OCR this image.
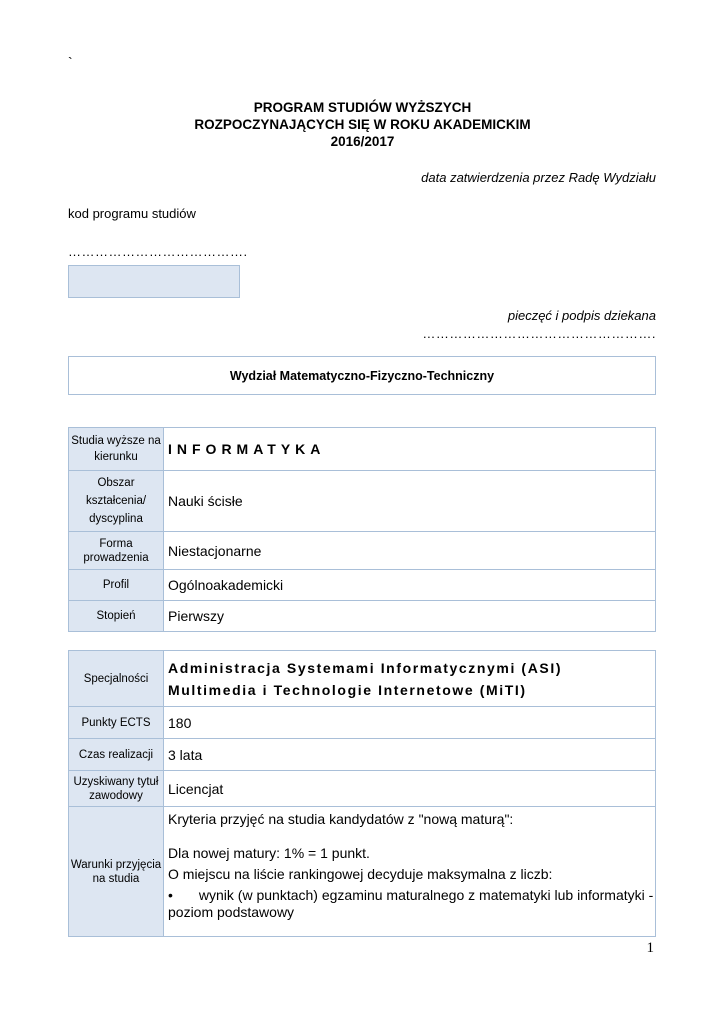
`
PROGRAM STUDIÓW WYŻSZYCH
ROZPOCZYNAJĄCYCH SIĘ W ROKU AKADEMICKIM
2016/2017
data zatwierdzenia przez Radę Wydziału
kod programu studiów
………………………………….
pieczęć i podpis dziekana
…………………………………………….
Wydział Matematyczno-Fizyczno-Techniczny
Studia wyższe na kierunku	INFORMATYKA
Obszar kształcenia/ dyscyplina	Nauki ścisłe
Forma prowadzenia	Niestacjonarne
Profil	Ogólnoakademicki
Stopień	Pierwszy
Specjalności	Administracja Systemami Informatycznymi (ASI)
Multimedia i Technologie Internetowe (MiTI)

Punkty ECTS	180
Czas realizacji	3 lata
Uzyskiwany tytuł zawodowy	Licencjat
Warunki przyjęcia na studia	Kryteria przyjęć na studia kandydatów z "nową maturą":

Dla nowej matury: 1% = 1 punkt.

O miejscu na liście rankingowej decyduje maksymalna z liczb:

• wynik (w punktach) egzaminu maturalnego z matematyki lub informatyki - poziom podstawowy

1
